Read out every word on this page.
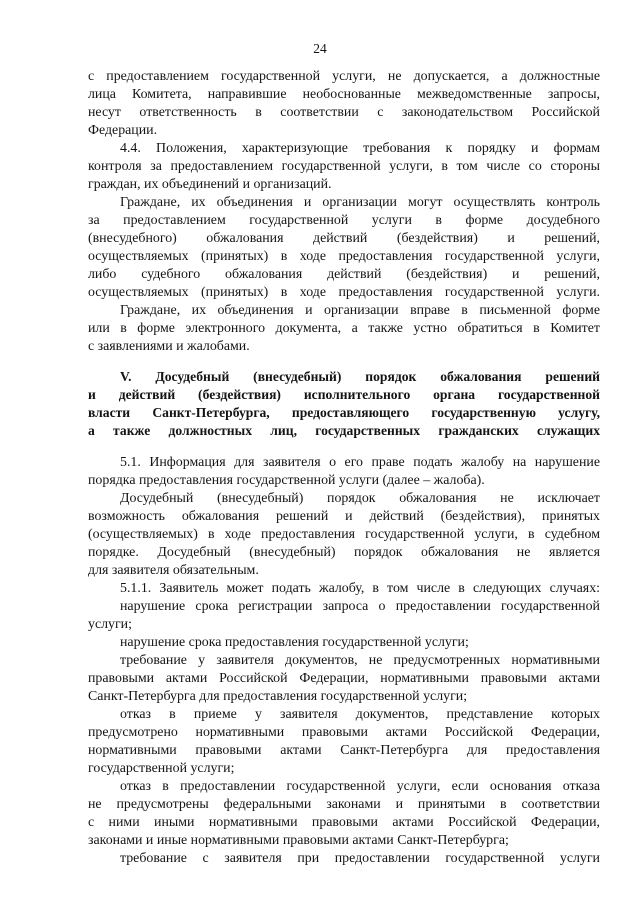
24
с предоставлением государственной услуги, не допускается, а должностные
лица Комитета, направившие необоснованные межведомственные запросы,
несут ответственность в соответствии с законодательством Российской
Федерации.
4.4. Положения, характеризующие требования к порядку и формам
контроля за предоставлением государственной услуги, в том числе со стороны
граждан, их объединений и организаций.
Граждане, их объединения и организации могут осуществлять контроль
за предоставлением государственной услуги в форме досудебного
(внесудебного) обжалования действий (бездействия) и решений,
осуществляемых (принятых) в ходе предоставления государственной услуги,
либо судебного обжалования действий (бездействия) и решений,
осуществляемых (принятых) в ходе предоставления государственной услуги.
Граждане, их объединения и организации вправе в письменной форме
или в форме электронного документа, а также устно обратиться в Комитет
с заявлениями и жалобами.
V. Досудебный (внесудебный) порядок обжалования решений
и действий (бездействия) исполнительного органа государственной
власти Санкт-Петербурга, предоставляющего государственную услугу,
а также должностных лиц, государственных гражданских служащих
5.1. Информация для заявителя о его праве подать жалобу на нарушение
порядка предоставления государственной услуги (далее – жалоба).
Досудебный (внесудебный) порядок обжалования не исключает
возможность обжалования решений и действий (бездействия), принятых
(осуществляемых) в ходе предоставления государственной услуги, в судебном
порядке. Досудебный (внесудебный) порядок обжалования не является
для заявителя обязательным.
5.1.1. Заявитель может подать жалобу, в том числе в следующих случаях:
нарушение срока регистрации запроса о предоставлении государственной
услуги;
нарушение срока предоставления государственной услуги;
требование у заявителя документов, не предусмотренных нормативными
правовыми актами Российской Федерации, нормативными правовыми актами
Санкт-Петербурга для предоставления государственной услуги;
отказ в приеме у заявителя документов, представление которых
предусмотрено нормативными правовыми актами Российской Федерации,
нормативными правовыми актами Санкт-Петербурга для предоставления
государственной услуги;
отказ в предоставлении государственной услуги, если основания отказа
не предусмотрены федеральными законами и принятыми в соответствии
с ними иными нормативными правовыми актами Российской Федерации,
законами и иные нормативными правовыми актами Санкт-Петербурга;
требование с заявителя при предоставлении государственной услуги
